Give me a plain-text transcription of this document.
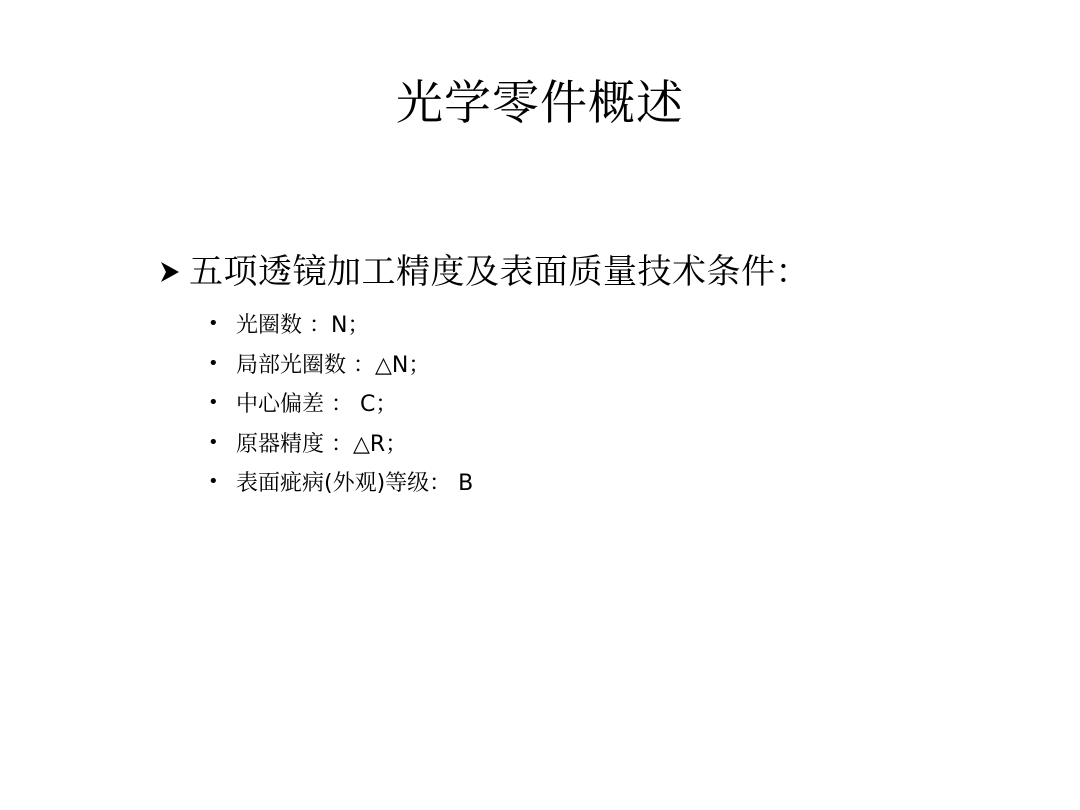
光学零件概述
五项透镜加工精度及表面质量技术条件：
• 光圈数 ：N；
• 局部光圈数 ：△N；
• 中心偏差 ： C；
• 原器精度 ：△R；
• 表面疵病(外观)等级： B
